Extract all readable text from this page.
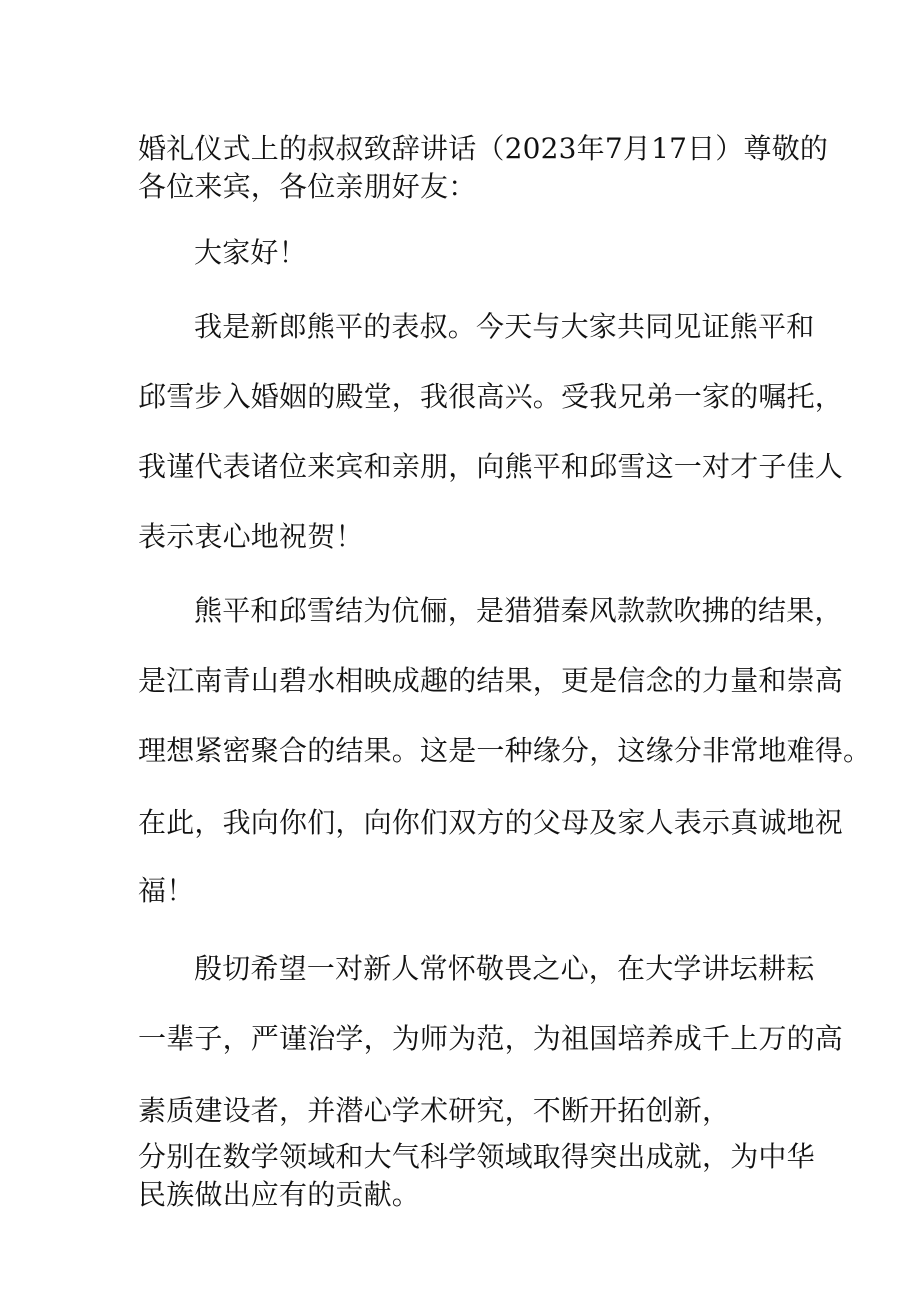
婚礼仪式上的叔叔致辞讲话（2023年7月17日）尊敬的
各位来宾，各位亲朋好友：
大家好！
我是新郎熊平的表叔。今天与大家共同见证熊平和
邱雪步入婚姻的殿堂，我很高兴。受我兄弟一家的嘱托，
我谨代表诸位来宾和亲朋，向熊平和邱雪这一对才子佳人
表示衷心地祝贺！
熊平和邱雪结为伉俪，是猎猎秦风款款吹拂的结果，
是江南青山碧水相映成趣的结果，更是信念的力量和崇高
理想紧密聚合的结果。这是一种缘分，这缘分非常地难得。
在此，我向你们，向你们双方的父母及家人表示真诚地祝
福！
殷切希望一对新人常怀敬畏之心，在大学讲坛耕耘
一辈子，严谨治学，为师为范，为祖国培养成千上万的高
素质建设者，并潜心学术研究，不断开拓创新，
分别在数学领域和大气科学领域取得突出成就，为中华
民族做出应有的贡献。
